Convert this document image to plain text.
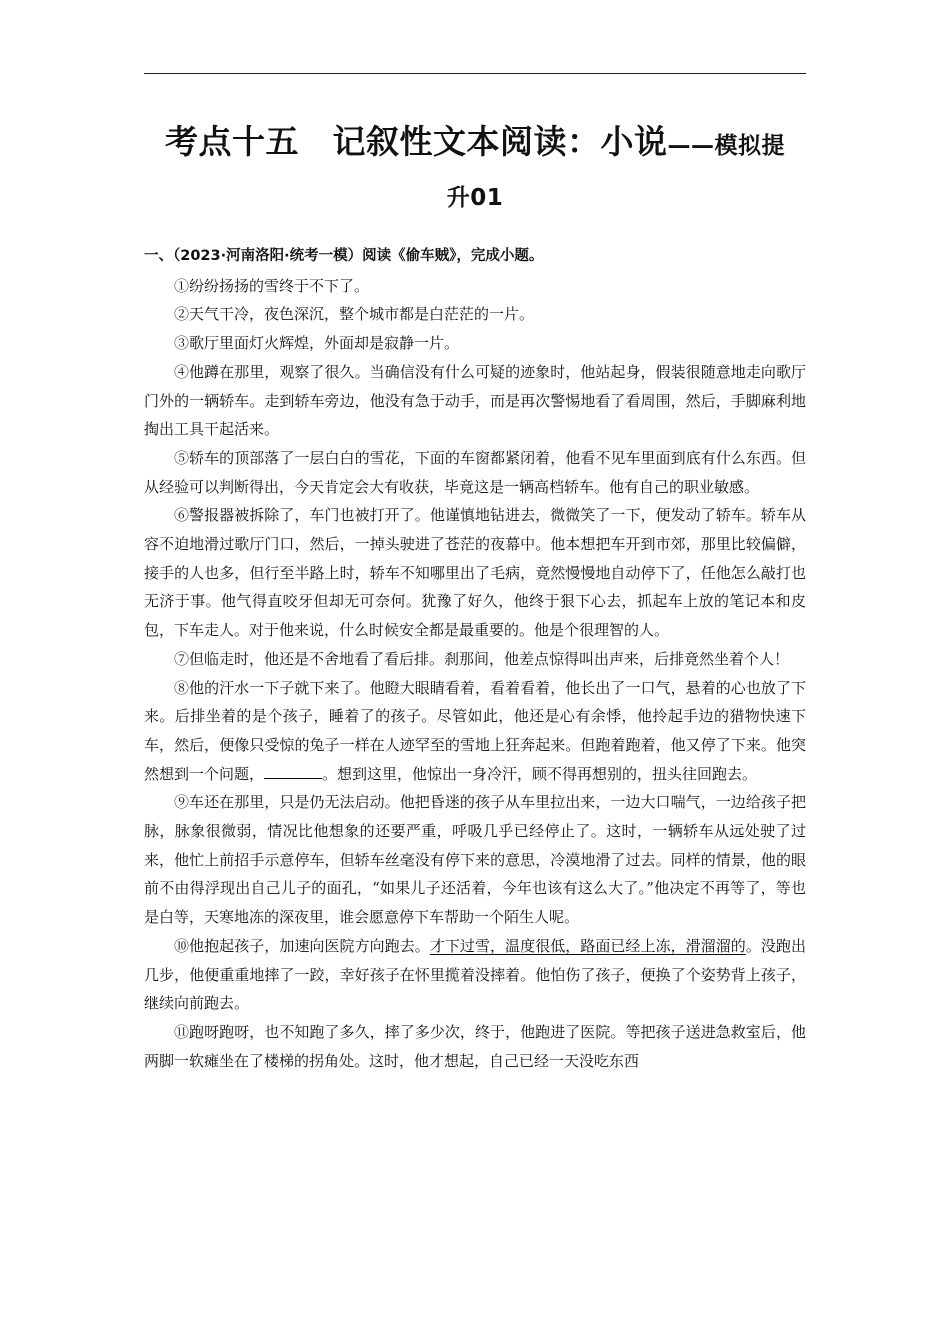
考点十五　记叙性文本阅读：小说——模拟提
升01

一、（2023·河南洛阳·统考一模）阅读《偷车贼》，完成小题。

①纷纷扬扬的雪终于不下了。

②天气干冷，夜色深沉，整个城市都是白茫茫的一片。

③歌厅里面灯火辉煌，外面却是寂静一片。

④他蹲在那里，观察了很久。当确信没有什么可疑的迹象时，他站起身，假装很随意地走向歌厅门外的一辆轿车。走到轿车旁边，他没有急于动手，而是再次警惕地看了看周围，然后，手脚麻利地掏出工具干起活来。

⑤轿车的顶部落了一层白白的雪花，下面的车窗都紧闭着，他看不见车里面到底有什么东西。但从经验可以判断得出，今天肯定会大有收获，毕竟这是一辆高档轿车。他有自己的职业敏感。

⑥警报器被拆除了，车门也被打开了。他谨慎地钻进去，微微笑了一下，便发动了轿车。轿车从容不迫地滑过歌厅门口，然后，一掉头驶进了苍茫的夜幕中。他本想把车开到市郊，那里比较偏僻，接手的人也多，但行至半路上时，轿车不知哪里出了毛病，竟然慢慢地自动停下了，任他怎么敲打也无济于事。他气得直咬牙但却无可奈何。犹豫了好久，他终于狠下心去，抓起车上放的笔记本和皮包，下车走人。对于他来说，什么时候安全都是最重要的。他是个很理智的人。

⑦但临走时，他还是不舍地看了看后排。刹那间，他差点惊得叫出声来，后排竟然坐着个人！

⑧他的汗水一下子就下来了。他瞪大眼睛看着，看着看着，他长出了一口气，悬着的心也放了下来。后排坐着的是个孩子，睡着了的孩子。尽管如此，他还是心有余悸，他拎起手边的猎物快速下车，然后，便像只受惊的兔子一样在人迹罕至的雪地上狂奔起来。但跑着跑着，他又停了下来。他突然想到一个问题，	。想到这里，他惊出一身冷汗，顾不得再想别的，扭头往回跑去。

⑨车还在那里，只是仍无法启动。他把昏迷的孩子从车里拉出来，一边大口喘气，一边给孩子把脉，脉象很微弱，情况比他想象的还要严重，呼吸几乎已经停止了。这时，一辆轿车从远处驶了过来，他忙上前招手示意停车，但轿车丝毫没有停下来的意思，冷漠地滑了过去。同样的情景，他的眼前不由得浮现出自己儿子的面孔，“如果儿子还活着，今年也该有这么大了。”他决定不再等了，等也是白等，天寒地冻的深夜里，谁会愿意停下车帮助一个陌生人呢。

⑩他抱起孩子，加速向医院方向跑去。才下过雪，温度很低，路面已经上冻，滑溜溜的。没跑出几步，他便重重地摔了一跤，幸好孩子在怀里揽着没摔着。他怕伤了孩子，便换了个姿势背上孩子，继续向前跑去。

⑪跑呀跑呀，也不知跑了多久，摔了多少次，终于，他跑进了医院。等把孩子送进急救室后，他两脚一软瘫坐在了楼梯的拐角处。这时，他才想起，自己已经一天没吃东西
